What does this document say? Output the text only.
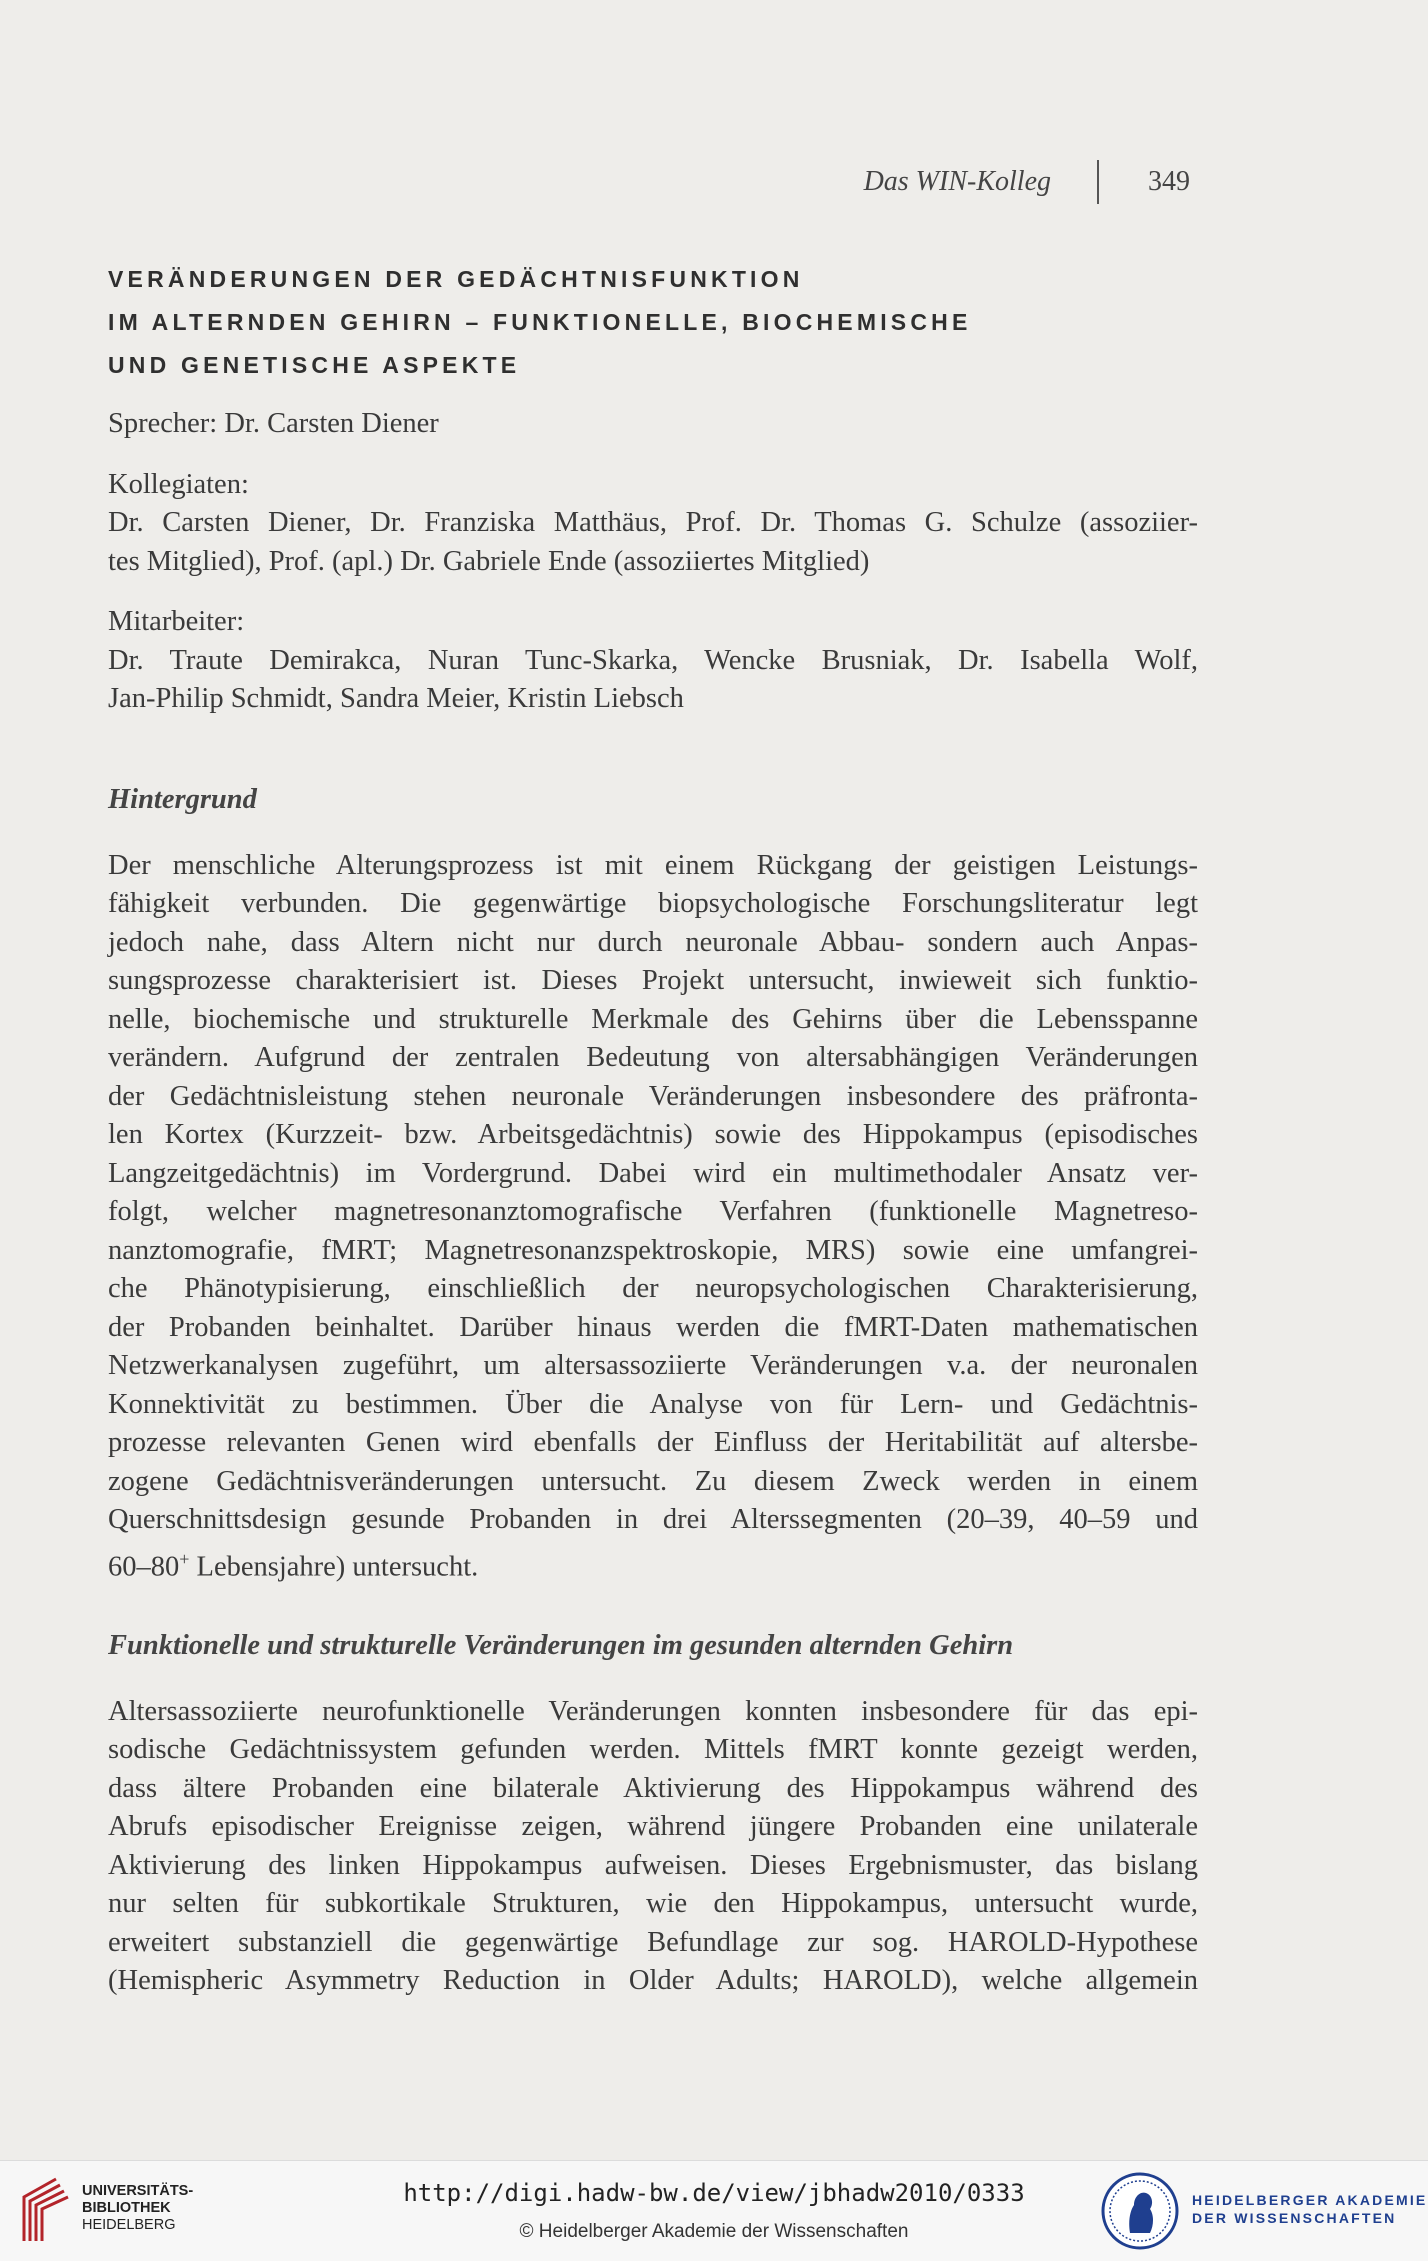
Das WIN-Kolleg	349
VERÄNDERUNGEN DER GEDÄCHTNISFUNKTION
IM ALTERNDEN GEHIRN – FUNKTIONELLE, BIOCHEMISCHE
UND GENETISCHE ASPEKTE

Sprecher: Dr. Carsten Diener

Kollegiaten:

Dr. Carsten Diener, Dr. Franziska Matthäus, Prof. Dr. Thomas G. Schulze (assoziier-
tes Mitglied), Prof. (apl.) Dr. Gabriele Ende (assoziiertes Mitglied)

Mitarbeiter:

Dr. Traute Demirakca, Nuran Tunc-Skarka, Wencke Brusniak, Dr. Isabella Wolf,
Jan-Philip Schmidt, Sandra Meier, Kristin Liebsch

Hintergrund
Der menschliche Alterungsprozess ist mit einem Rückgang der geistigen Leistungs-
fähigkeit verbunden. Die gegenwärtige biopsychologische Forschungsliteratur legt
jedoch nahe, dass Altern nicht nur durch neuronale Abbau- sondern auch Anpas-
sungsprozesse charakterisiert ist. Dieses Projekt untersucht, inwieweit sich funktio-
nelle, biochemische und strukturelle Merkmale des Gehirns über die Lebensspanne
verändern. Aufgrund der zentralen Bedeutung von altersabhängigen Veränderungen
der Gedächtnisleistung stehen neuronale Veränderungen insbesondere des präfronta-
len Kortex (Kurzzeit- bzw. Arbeitsgedächtnis) sowie des Hippokampus (episodisches
Langzeitgedächtnis) im Vordergrund. Dabei wird ein multimethodaler Ansatz ver-
folgt, welcher magnetresonanztomografische Verfahren (funktionelle Magnetreso-
nanztomografie, fMRT; Magnetresonanzspektroskopie, MRS) sowie eine umfangrei-
che Phänotypisierung, einschließlich der neuropsychologischen Charakterisierung,
der Probanden beinhaltet. Darüber hinaus werden die fMRT-Daten mathematischen
Netzwerkanalysen zugeführt, um altersassoziierte Veränderungen v.a. der neuronalen
Konnektivität zu bestimmen. Über die Analyse von für Lern- und Gedächtnis-
prozesse relevanten Genen wird ebenfalls der Einfluss der Heritabilität auf altersbe-
zogene Gedächtnisveränderungen untersucht. Zu diesem Zweck werden in einem
Querschnittsdesign gesunde Probanden in drei Alterssegmenten (20–39, 40–59 und
60–80+ Lebensjahre) untersucht.
Funktionelle und strukturelle Veränderungen im gesunden alternden Gehirn
Altersassoziierte neurofunktionelle Veränderungen konnten insbesondere für das epi-
sodische Gedächtnissystem gefunden werden. Mittels fMRT konnte gezeigt werden,
dass ältere Probanden eine bilaterale Aktivierung des Hippokampus während des
Abrufs episodischer Ereignisse zeigen, während jüngere Probanden eine unilaterale
Aktivierung des linken Hippokampus aufweisen. Dieses Ergebnismuster, das bislang
nur selten für subkortikale Strukturen, wie den Hippokampus, untersucht wurde,
erweitert substanziell die gegenwärtige Befundlage zur sog. HAROLD-Hypothese
(Hemispheric Asymmetry Reduction in Older Adults; HAROLD), welche allgemein
UNIVERSITÄTS-
BIBLIOTHEK
HEIDELBERG
http://digi.hadw-bw.de/view/jbhadw2010/0333
© Heidelberger Akademie der Wissenschaften
HEIDELBERGER AKADEMIE
DER WISSENSCHAFTEN
